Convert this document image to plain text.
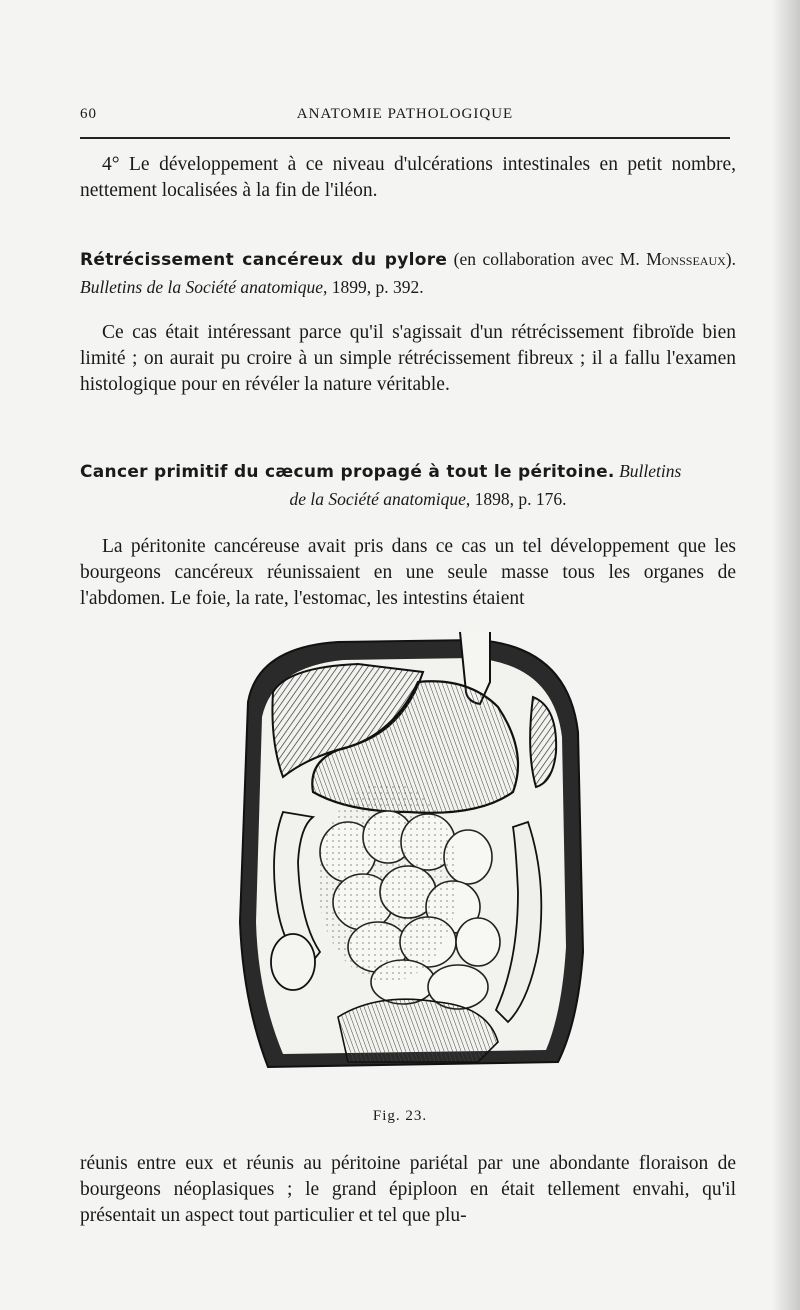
60	ANATOMIE PATHOLOGIQUE
4° Le développement à ce niveau d'ulcérations intestinales en petit nombre, nettement localisées à la fin de l'iléon.
Rétrécissement cancéreux du pylore (en collaboration avec M. Monsseaux). Bulletins de la Société anatomique, 1899, p. 392.
Ce cas était intéressant parce qu'il s'agissait d'un rétrécissement fibroïde bien limité ; on aurait pu croire à un simple rétrécissement fibreux ; il a fallu l'examen histologique pour en révéler la nature véritable.
Cancer primitif du cæcum propagé à tout le péritoine. Bulletins
de la Société anatomique, 1898, p. 176.
La péritonite cancéreuse avait pris dans ce cas un tel développement que les bourgeons cancéreux réunissaient en une seule masse tous les organes de l'abdomen. Le foie, la rate, l'estomac, les intestins étaient
Fig. 23.
réunis entre eux et réunis au péritoine pariétal par une abondante floraison de bourgeons néoplasiques ; le grand épiploon en était tellement envahi, qu'il présentait un aspect tout particulier et tel que plu-
